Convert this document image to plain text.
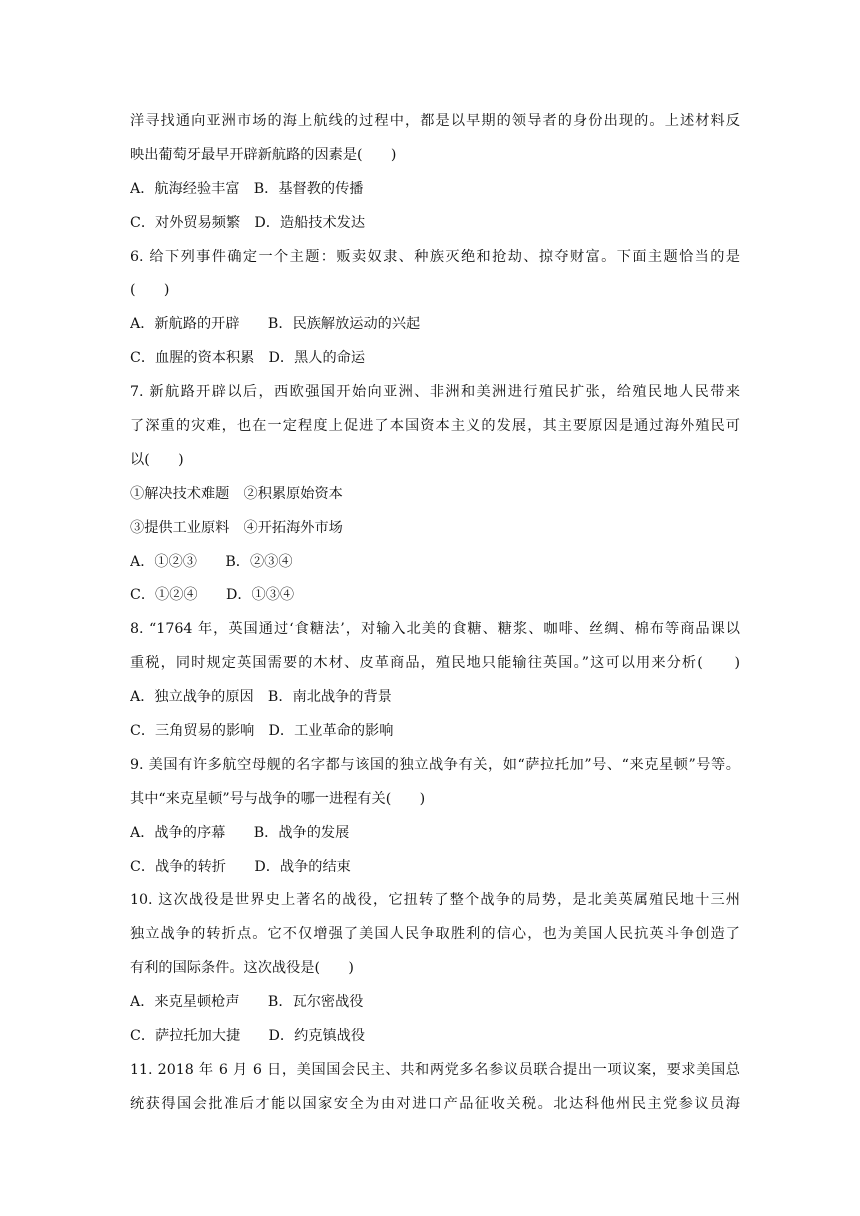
洋寻找通向亚洲市场的海上航线的过程中，都是以早期的领导者的身份出现的。上述材料反
映出葡萄牙最早开辟新航路的因素是(　　)
A．航海经验丰富　B．基督教的传播
C．对外贸易频繁　D．造船技术发达
6. 给下列事件确定一个主题：贩卖奴隶、种族灭绝和抢劫、掠夺财富。下面主题恰当的是
(　　)
A．新航路的开辟　　B．民族解放运动的兴起
C．血腥的资本积累　D．黑人的命运
7. 新航路开辟以后，西欧强国开始向亚洲、非洲和美洲进行殖民扩张，给殖民地人民带来
了深重的灾难，也在一定程度上促进了本国资本主义的发展，其主要原因是通过海外殖民可
以(　　)
①解决技术难题　②积累原始资本
③提供工业原料　④开拓海外市场
A．①②③　　B．②③④
C．①②④　　D．①③④
8. “1764 年，英国通过‘食糖法’，对输入北美的食糖、糖浆、咖啡、丝绸、棉布等商品课以
重税，同时规定英国需要的木材、皮革商品，殖民地只能输往英国。”这可以用来分析(　　)
A．独立战争的原因　B．南北战争的背景
C．三角贸易的影响　D．工业革命的影响
9. 美国有许多航空母舰的名字都与该国的独立战争有关，如“萨拉托加”号、“来克星顿”号等。
其中“来克星顿”号与战争的哪一进程有关(　　)
A．战争的序幕　　B．战争的发展
C．战争的转折　　D．战争的结束
10. 这次战役是世界史上著名的战役，它扭转了整个战争的局势，是北美英属殖民地十三州
独立战争的转折点。它不仅增强了美国人民争取胜利的信心，也为美国人民抗英斗争创造了
有利的国际条件。这次战役是(　　)
A．来克星顿枪声　　B．瓦尔密战役
C．萨拉托加大捷　　D．约克镇战役
11. 2018 年 6 月 6 日，美国国会民主、共和两党多名参议员联合提出一项议案，要求美国总
统获得国会批准后才能以国家安全为由对进口产品征收关税。北达科他州民主党参议员海
